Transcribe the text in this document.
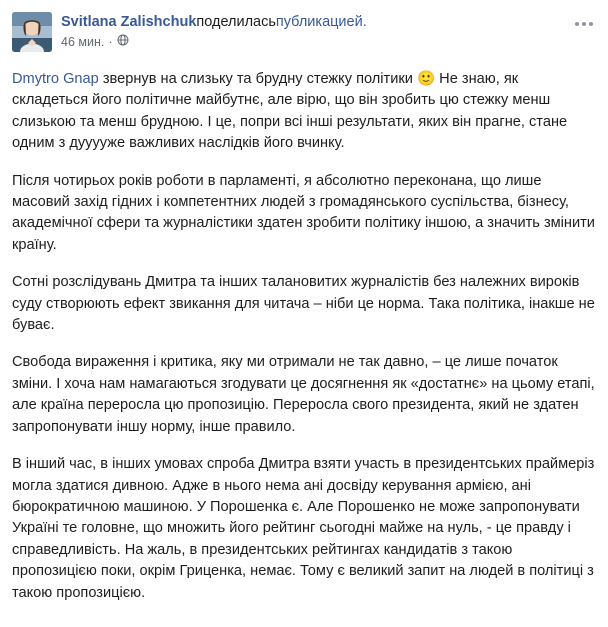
Svitlana Zalishchukподелиласьпубликацией.
46 мин. ·

Dmytro Gnap звернув на слизьку та брудну стежку політики 🙂 Не знаю, як складеться його політичне майбутнє, але вірю, що він зробить цю стежку менш слизькою та менш брудною. І це, попри всі інші результати, яких він прагне, стане одним з дууууже важливих наслідків його вчинку.

Після чотирьох років роботи в парламенті, я абсолютно переконана, що лише масовий захід гідних і компетентних людей з громадянського суспільства, бізнесу, академічної сфери та журналістики здатен зробити політику іншою, а значить змінити країну.

Сотні розслідувань Дмитра та інших талановитих журналістів без належних вироків суду створюють ефект звикання для читача – ніби це норма. Така політика, інакше не буває.

Свобода вираження і критика, яку ми отримали не так давно, – це лише початок зміни. І хоча нам намагаються згодувати це досягнення як «достатнє» на цьому етапі, але країна переросла цю пропозицію. Переросла свого президента, який не здатен запропонувати іншу норму, інше правило.

В інший час, в інших умовах спроба Дмитра взяти участь в президентських праймеріз могла здатися дивною. Адже в нього нема ані досвіду керування армією, ані бюрократичною машиною. У Порошенка є. Але Порошенко не може запропонувати Україні те головне, що множить його рейтинг сьогодні майже на нуль, - це правду і справедливість. На жаль, в президентських рейтингах кандидатів з такою пропозицією поки, окрім Гриценка, немає. Тому є великий запит на людей в політиці з такою пропозицією.
